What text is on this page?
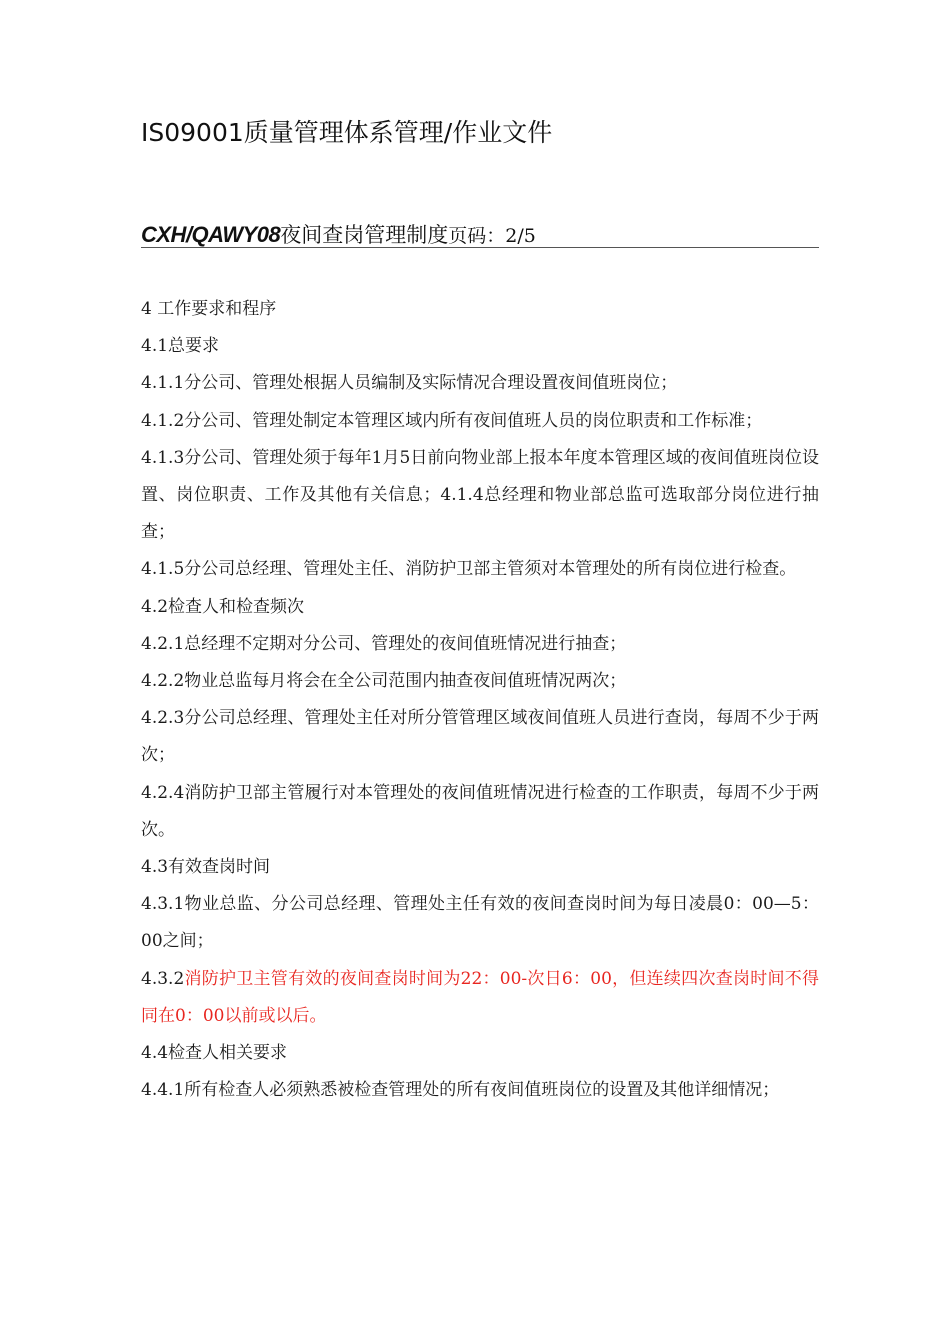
IS09001质量管理体系管理/作业文件
CXH/QAWY08夜间查岗管理制度页码：2/5

4 工作要求和程序

4.1总要求

4.1.1分公司、管理处根据人员编制及实际情况合理设置夜间值班岗位；

4.1.2分公司、管理处制定本管理区域内所有夜间值班人员的岗位职责和工作标准；

4.1.3分公司、管理处须于每年1月5日前向物业部上报本年度本管理区域的夜间值班岗位设置、岗位职责、工作及其他有关信息；4.1.4总经理和物业部总监可选取部分岗位进行抽查；

4.1.5分公司总经理、管理处主任、消防护卫部主管须对本管理处的所有岗位进行检查。

4.2检查人和检查频次

4.2.1总经理不定期对分公司、管理处的夜间值班情况进行抽查；

4.2.2物业总监每月将会在全公司范围内抽查夜间值班情况两次；

4.2.3分公司总经理、管理处主任对所分管管理区域夜间值班人员进行查岗，每周不少于两次；

4.2.4消防护卫部主管履行对本管理处的夜间值班情况进行检查的工作职责，每周不少于两次。

4.3有效查岗时间

4.3.1物业总监、分公司总经理、管理处主任有效的夜间查岗时间为每日凌晨0：00—5：00之间；

4.3.2消防护卫主管有效的夜间查岗时间为22：00-次日6：00，但连续四次查岗时间不得同在0：00以前或以后。

4.4检查人相关要求

4.4.1所有检查人必须熟悉被检查管理处的所有夜间值班岗位的设置及其他详细情况；
